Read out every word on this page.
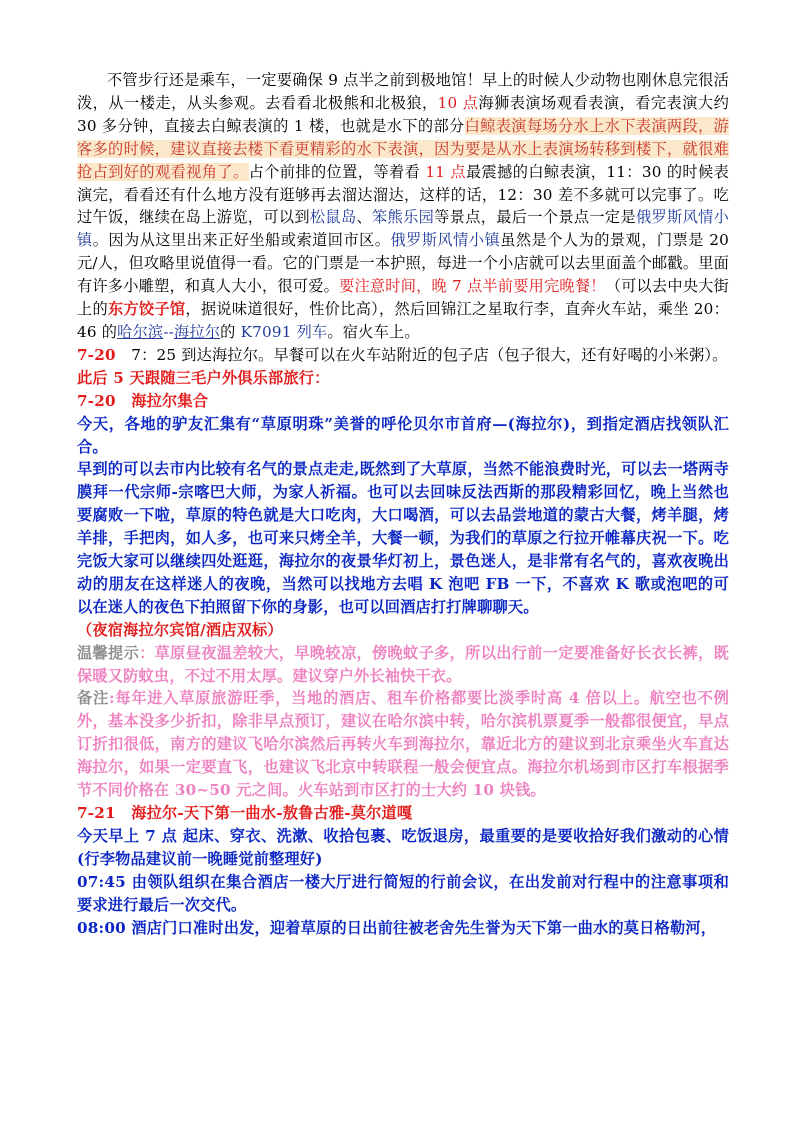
不管步行还是乘车，一定要确保 9 点半之前到极地馆！早上的时候人少动物也刚休息完很活泼，从一楼走，从头参观。去看看北极熊和北极狼，10 点海狮表演场观看表演，看完表演大约 30 多分钟，直接去白鲸表演的 1 楼，也就是水下的部分白鲸表演每场分水上水下表演两段，游客多的时候，建议直接去楼下看更精彩的水下表演，因为要是从水上表演场转移到楼下，就很难抢占到好的观看视角了。占个前排的位置，等着看 11 点最震撼的白鲸表演，11：30 的时候表演完，看看还有什么地方没有逛够再去溜达溜达，这样的话，12：30 差不多就可以完事了。吃过午饭，继续在岛上游览，可以到松鼠岛、笨熊乐园等景点，最后一个景点一定是俄罗斯风情小镇。因为从这里出来正好坐船或索道回市区。俄罗斯风情小镇虽然是个人为的景观，门票是 20 元/人，但攻略里说值得一看。它的门票是一本护照，每进一个小店就可以去里面盖个邮戳。里面有许多小雕塑，和真人大小，很可爱。要注意时间，晚 7 点半前要用完晚餐！（可以去中央大街上的东方饺子馆，据说味道很好，性价比高），然后回锦江之星取行李，直奔火车站，乘坐 20：46 的哈尔滨--海拉尔的 K7091 列车。宿火车上。

7-20　7：25 到达海拉尔。早餐可以在火车站附近的包子店（包子很大，还有好喝的小米粥）。

此后 5 天跟随三毛户外俱乐部旅行：

7-20　海拉尔集合

今天，各地的驴友汇集有“草原明珠”美誉的呼伦贝尔市首府—(海拉尔)，到指定酒店找领队汇合。

早到的可以去市内比较有名气的景点走走,既然到了大草原，当然不能浪费时光，可以去一塔两寺膜拜一代宗师-宗喀巴大师，为家人祈福。也可以去回味反法西斯的那段精彩回忆，晚上当然也要腐败一下啦，草原的特色就是大口吃肉，大口喝酒，可以去品尝地道的蒙古大餐，烤羊腿，烤羊排，手把肉，如人多，也可来只烤全羊，大餐一顿，为我们的草原之行拉开帷幕庆祝一下。吃完饭大家可以继续四处逛逛，海拉尔的夜景华灯初上，景色迷人，是非常有名气的，喜欢夜晚出动的朋友在这样迷人的夜晚，当然可以找地方去唱 K 泡吧 FB 一下，不喜欢 K 歌或泡吧的可以在迷人的夜色下拍照留下你的身影，也可以回酒店打打牌聊聊天。

（夜宿海拉尔宾馆/酒店双标）

温馨提示：草原昼夜温差较大，早晚较凉，傍晚蚊子多，所以出行前一定要准备好长衣长裤，既保暖又防蚊虫，不过不用太厚。建议穿户外长袖快干衣。

备注:每年进入草原旅游旺季，当地的酒店、租车价格都要比淡季时高 4 倍以上。航空也不例外，基本没多少折扣，除非早点预订，建议在哈尔滨中转，哈尔滨机票夏季一般都很便宜，早点订折扣很低，南方的建议飞哈尔滨然后再转火车到海拉尔，靠近北方的建议到北京乘坐火车直达海拉尔，如果一定要直飞，也建议飞北京中转联程一般会便宜点。海拉尔机场到市区打车根据季节不同价格在 30~50 元之间。火车站到市区打的士大约 10 块钱。

7-21　海拉尔-天下第一曲水-敖鲁古雅-莫尔道嘎

今天早上 7 点 起床、穿衣、洗漱、收拾包裹、吃饭退房，最重要的是要收拾好我们激动的心情(行李物品建议前一晚睡觉前整理好)

07:45 由领队组织在集合酒店一楼大厅进行简短的行前会议，在出发前对行程中的注意事项和要求进行最后一次交代。

08:00 酒店门口准时出发，迎着草原的日出前往被老舍先生誉为天下第一曲水的莫日格勒河，
